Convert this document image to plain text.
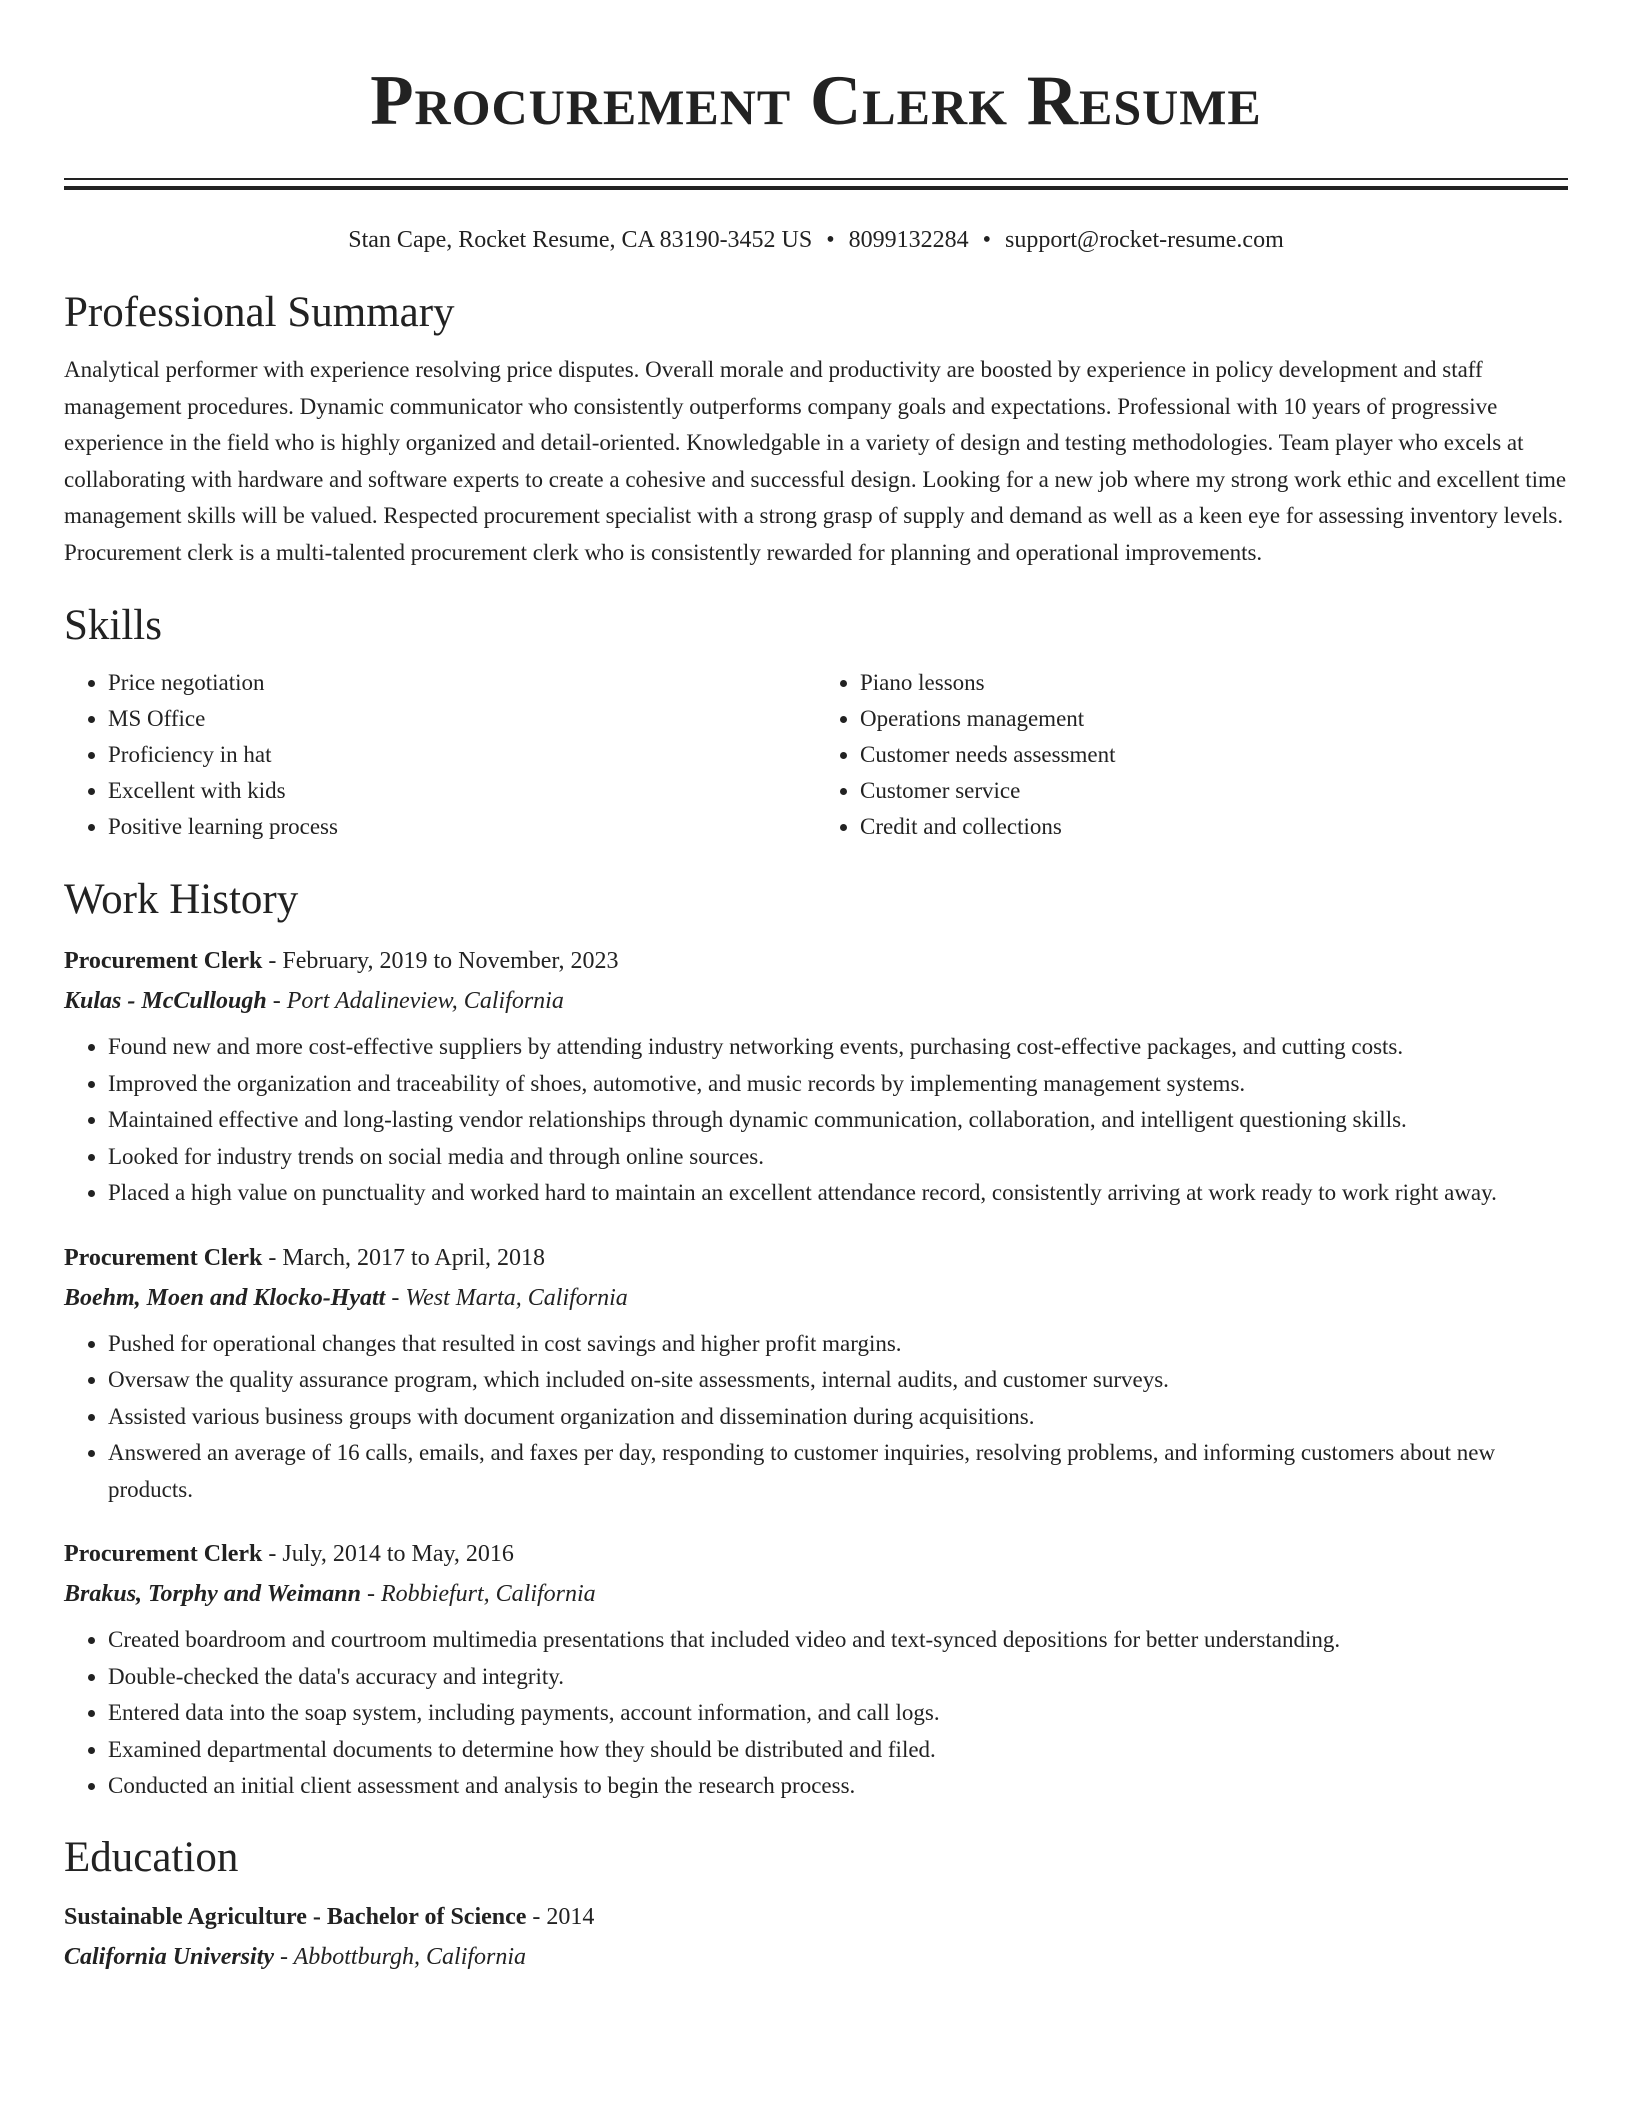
Procurement Clerk Resume
Stan Cape, Rocket Resume, CA 83190-3452 US • 8099132284 • support@rocket-resume.com
Professional Summary
Analytical performer with experience resolving price disputes. Overall morale and productivity are boosted by experience in policy development and staff management procedures. Dynamic communicator who consistently outperforms company goals and expectations. Professional with 10 years of progressive experience in the field who is highly organized and detail-oriented. Knowledgable in a variety of design and testing methodologies. Team player who excels at collaborating with hardware and software experts to create a cohesive and successful design. Looking for a new job where my strong work ethic and excellent time management skills will be valued. Respected procurement specialist with a strong grasp of supply and demand as well as a keen eye for assessing inventory levels. Procurement clerk is a multi-talented procurement clerk who is consistently rewarded for planning and operational improvements.
Skills
• Price negotiation
• MS Office
• Proficiency in hat
• Excellent with kids
• Positive learning process
• Piano lessons
• Operations management
• Customer needs assessment
• Customer service
• Credit and collections
Work History
Procurement Clerk - February, 2019 to November, 2023
Kulas - McCullough - Port Adalineview, California
• Found new and more cost-effective suppliers by attending industry networking events, purchasing cost-effective packages, and cutting costs.
• Improved the organization and traceability of shoes, automotive, and music records by implementing management systems.
• Maintained effective and long-lasting vendor relationships through dynamic communication, collaboration, and intelligent questioning skills.
• Looked for industry trends on social media and through online sources.
• Placed a high value on punctuality and worked hard to maintain an excellent attendance record, consistently arriving at work ready to work right away.
Procurement Clerk - March, 2017 to April, 2018
Boehm, Moen and Klocko-Hyatt - West Marta, California
• Pushed for operational changes that resulted in cost savings and higher profit margins.
• Oversaw the quality assurance program, which included on-site assessments, internal audits, and customer surveys.
• Assisted various business groups with document organization and dissemination during acquisitions.
• Answered an average of 16 calls, emails, and faxes per day, responding to customer inquiries, resolving problems, and informing customers about new products.
Procurement Clerk - July, 2014 to May, 2016
Brakus, Torphy and Weimann - Robbiefurt, California
• Created boardroom and courtroom multimedia presentations that included video and text-synced depositions for better understanding.
• Double-checked the data's accuracy and integrity.
• Entered data into the soap system, including payments, account information, and call logs.
• Examined departmental documents to determine how they should be distributed and filed.
• Conducted an initial client assessment and analysis to begin the research process.
Education
Sustainable Agriculture - Bachelor of Science - 2014
California University - Abbottburgh, California
